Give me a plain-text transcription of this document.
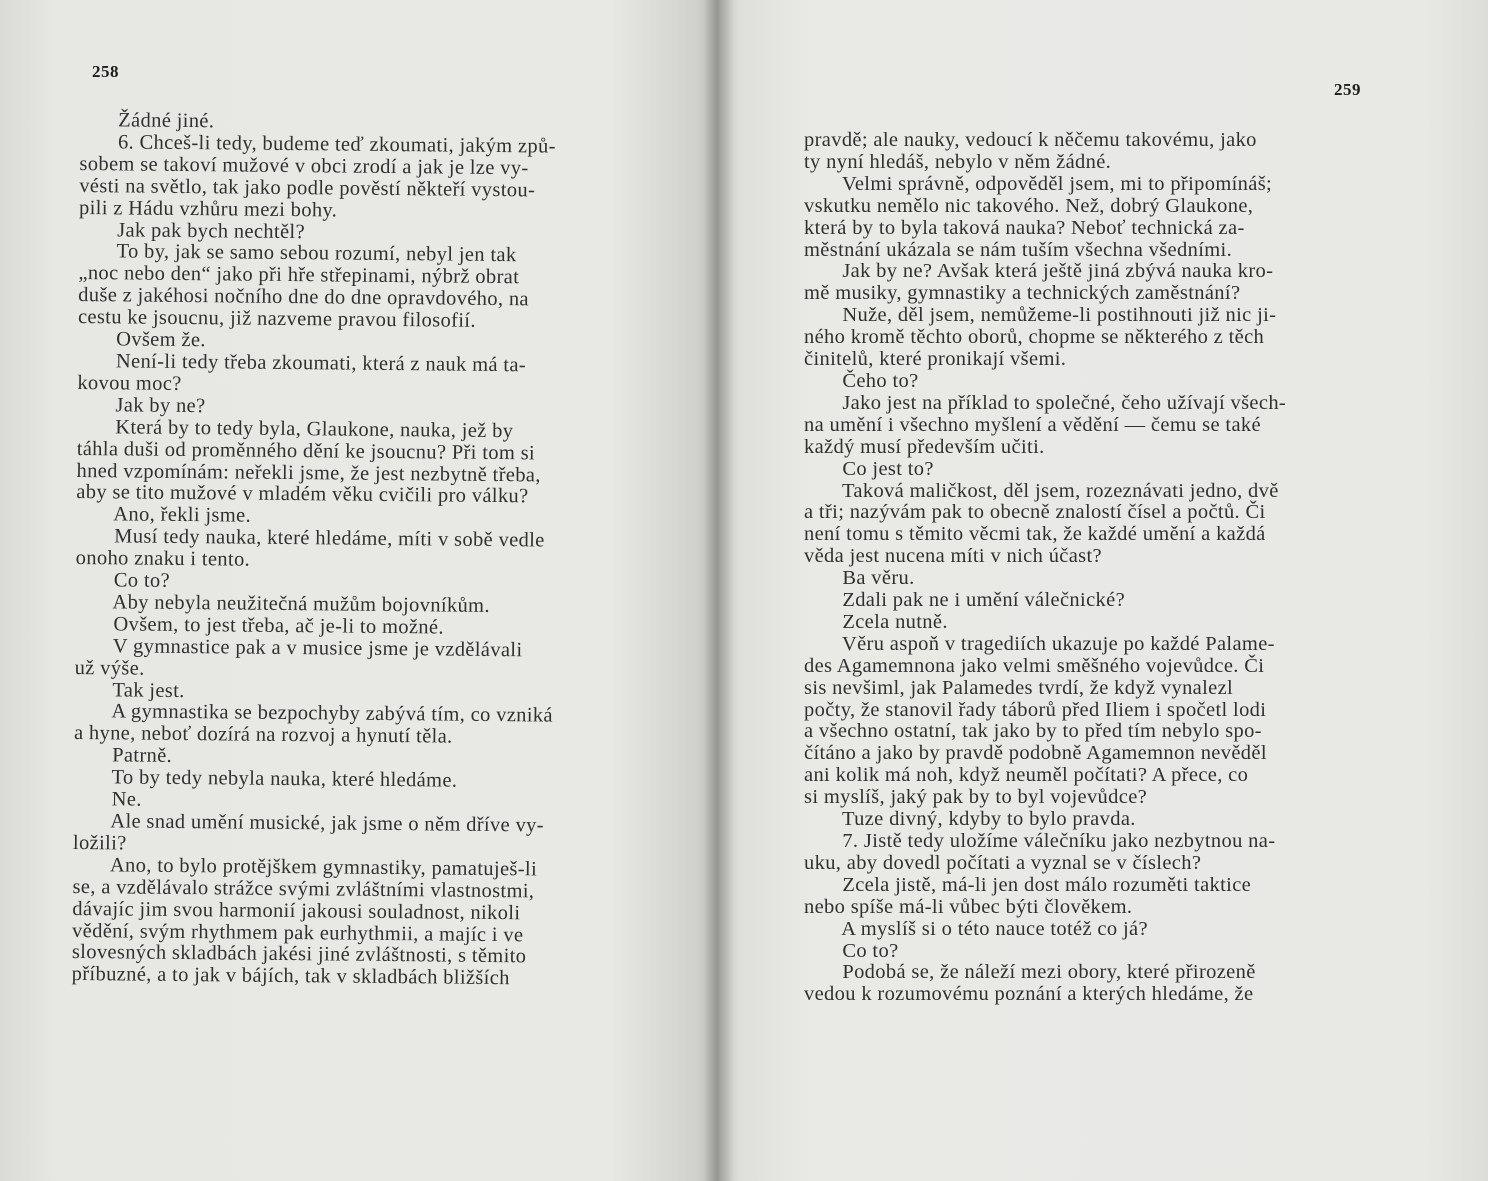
258
Žádné jiné.
6. Chceš-li tedy, budeme teď zkoumati, jakým způ-
sobem se takoví mužové v obci zrodí a jak je lze vy-
vésti na světlo, tak jako podle pověstí někteří vystou-
pili z Hádu vzhůru mezi bohy.
Jak pak bych nechtěl?
To by, jak se samo sebou rozumí, nebyl jen tak
„noc nebo den“ jako při hře střepinami, nýbrž obrat
duše z jakéhosi nočního dne do dne opravdového, na
cestu ke jsoucnu, již nazveme pravou filosofií.
Ovšem že.
Není-li tedy třeba zkoumati, která z nauk má ta-
kovou moc?
Jak by ne?
Která by to tedy byla, Glaukone, nauka, jež by
táhla duši od proměnného dění ke jsoucnu? Při tom si
hned vzpomínám: neřekli jsme, že jest nezbytně třeba,
aby se tito mužové v mladém věku cvičili pro válku?
Ano, řekli jsme.
Musí tedy nauka, které hledáme, míti v sobě vedle
onoho znaku i tento.
Co to?
Aby nebyla neužitečná mužům bojovníkům.
Ovšem, to jest třeba, ač je-li to možné.
V gymnastice pak a v musice jsme je vzdělávali
už výše.
Tak jest.
A gymnastika se bezpochyby zabývá tím, co vzniká
a hyne, neboť dozírá na rozvoj a hynutí těla.
Patrně.
To by tedy nebyla nauka, které hledáme.
Ne.
Ale snad umění musické, jak jsme o něm dříve vy-
ložili?
Ano, to bylo protějškem gymnastiky, pamatuješ-li
se, a vzdělávalo strážce svými zvláštními vlastnostmi,
dávajíc jim svou harmonií jakousi souladnost, nikoli
vědění, svým rhythmem pak eurhythmii, a majíc i ve
slovesných skladbách jakési jiné zvláštnosti, s těmito
příbuzné, a to jak v bájích, tak v skladbách bližších
259
pravdě; ale nauky, vedoucí k něčemu takovému, jako
ty nyní hledáš, nebylo v něm žádné.
Velmi správně, odpověděl jsem, mi to připomínáš;
vskutku nemělo nic takového. Než, dobrý Glaukone,
která by to byla taková nauka? Neboť technická za-
městnání ukázala se nám tuším všechna všedními.
Jak by ne? Avšak která ještě jiná zbývá nauka kro-
mě musiky, gymnastiky a technických zaměstnání?
Nuže, děl jsem, nemůžeme-li postihnouti již nic ji-
ného kromě těchto oborů, chopme se některého z těch
činitelů, které pronikají všemi.
Čeho to?
Jako jest na příklad to společné, čeho užívají všech-
na umění i všechno myšlení a vědění — čemu se také
každý musí především učiti.
Co jest to?
Taková maličkost, děl jsem, rozeznávati jedno, dvě
a tři; nazývám pak to obecně znalostí čísel a počtů. Či
není tomu s těmito věcmi tak, že každé umění a každá
věda jest nucena míti v nich účast?
Ba věru.
Zdali pak ne i umění válečnické?
Zcela nutně.
Věru aspoň v tragediích ukazuje po každé Palame-
des Agamemnona jako velmi směšného vojevůdce. Či
sis nevšiml, jak Palamedes tvrdí, že když vynalezl
počty, že stanovil řady táborů před Iliem i spočetl lodi
a všechno ostatní, tak jako by to před tím nebylo spo-
čítáno a jako by pravdě podobně Agamemnon nevěděl
ani kolik má noh, když neuměl počítati? A přece, co
si myslíš, jaký pak by to byl vojevůdce?
Tuze divný, kdyby to bylo pravda.
7. Jistě tedy uložíme válečníku jako nezbytnou na-
uku, aby dovedl počítati a vyznal se v číslech?
Zcela jistě, má-li jen dost málo rozuměti taktice
nebo spíše má-li vůbec býti člověkem.
A myslíš si o této nauce totéž co já?
Co to?
Podobá se, že náleží mezi obory, které přirozeně
vedou k rozumovému poznání a kterých hledáme, že
